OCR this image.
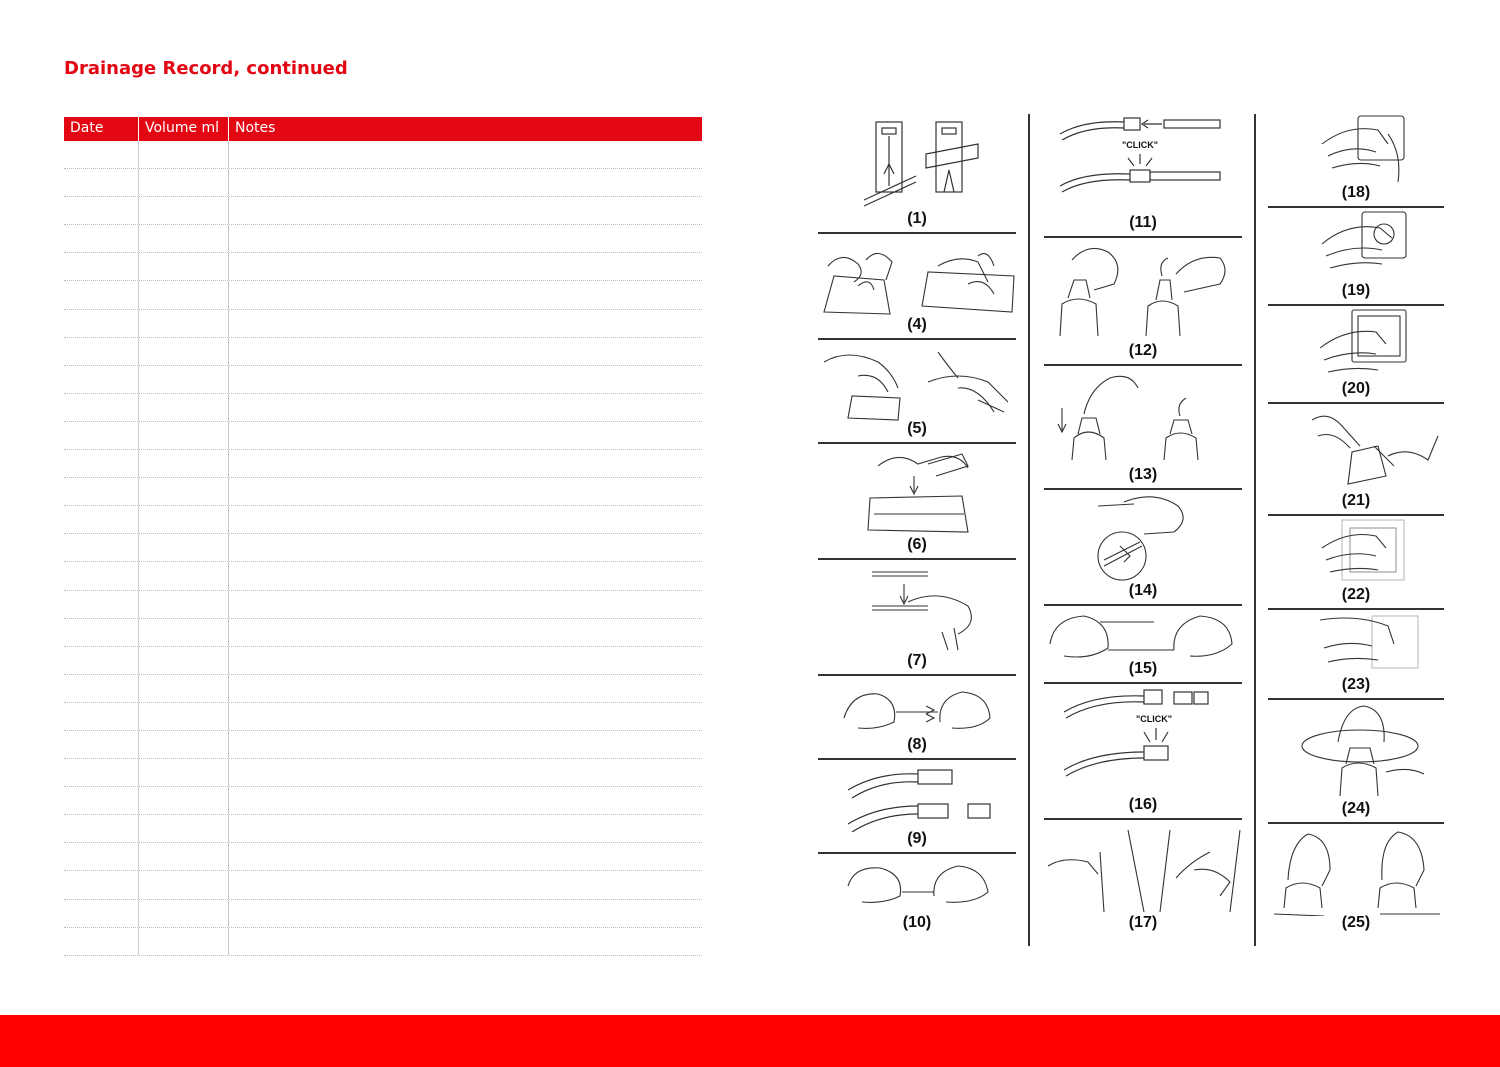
Drainage Record, continued
Date	Volume ml	Notes
(1)
(4)
(5)
(6)
(7)
(8)
(9)
(10)
"CLICK"
(11)
(12)
(13)
(14)
(15)
"CLICK"
(16)
(17)
(18)
(19)
(20)
(21)
(22)
(23)
(24)
(25)
